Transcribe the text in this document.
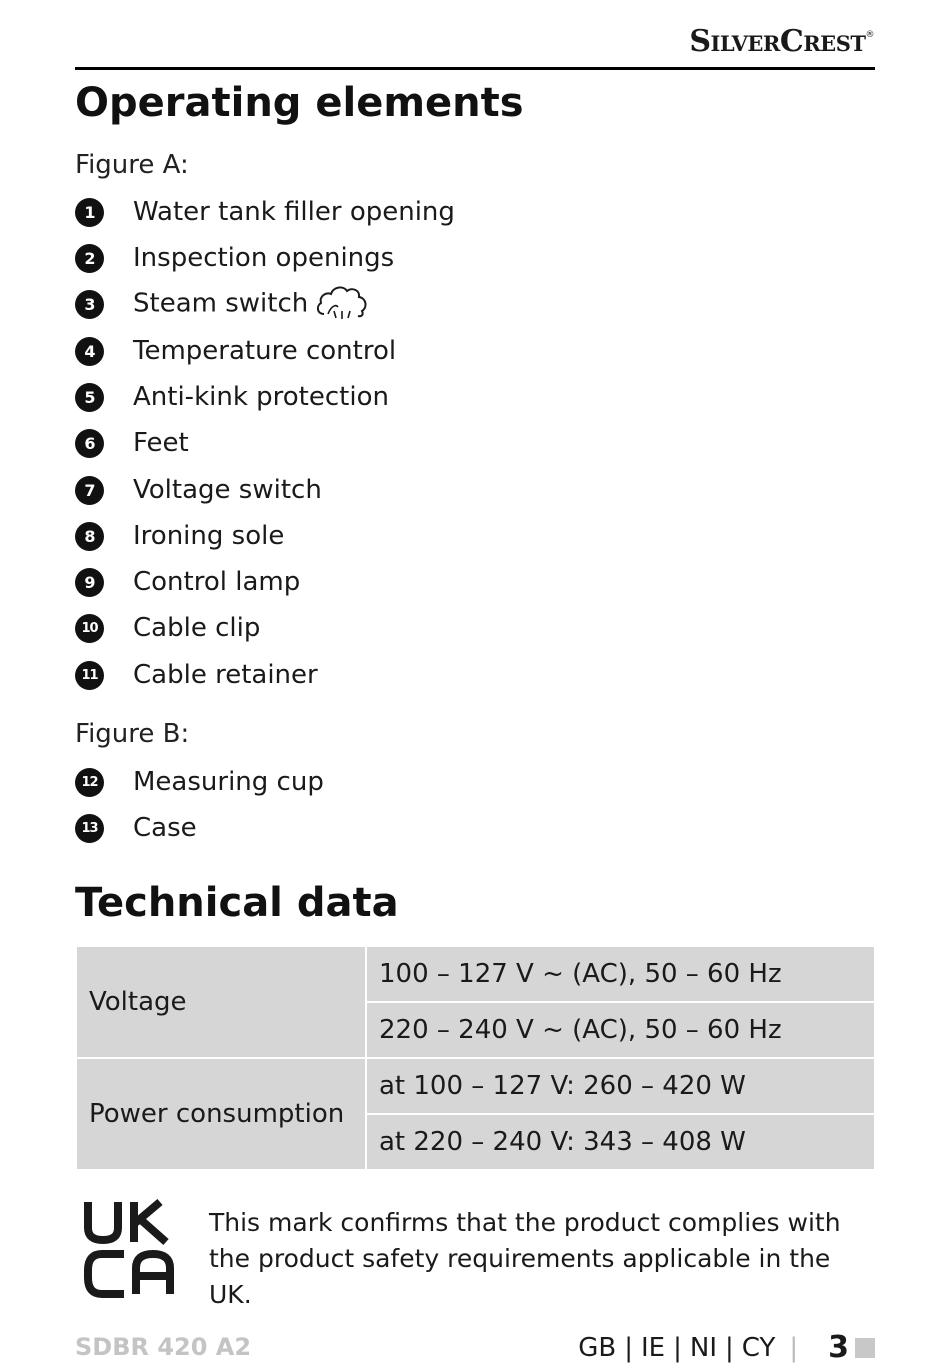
SilverCrest®
Operating elements
Figure A:
1	Water tank filler opening
2	Inspection openings
3	Steam switch
4	Temperature control
5	Anti-kink protection
6	Feet
7	Voltage switch
8	Ironing sole
9	Control lamp
10 Cable clip
11 Cable retainer
Figure B:
12 Measuring cup
13 Case
Technical data
Voltage	100 – 127 V ~ (AC), 50 – 60 Hz
	220 – 240 V ~ (AC), 50 – 60 Hz
Power consumption	at 100 – 127 V: 260 – 420 W
	at 220 – 240 V: 343 – 408 W
This mark confirms that the product complies with the product safety requirements applicable in the UK.
SDBR 420 A2	GB | IE | NI | CY | 3
